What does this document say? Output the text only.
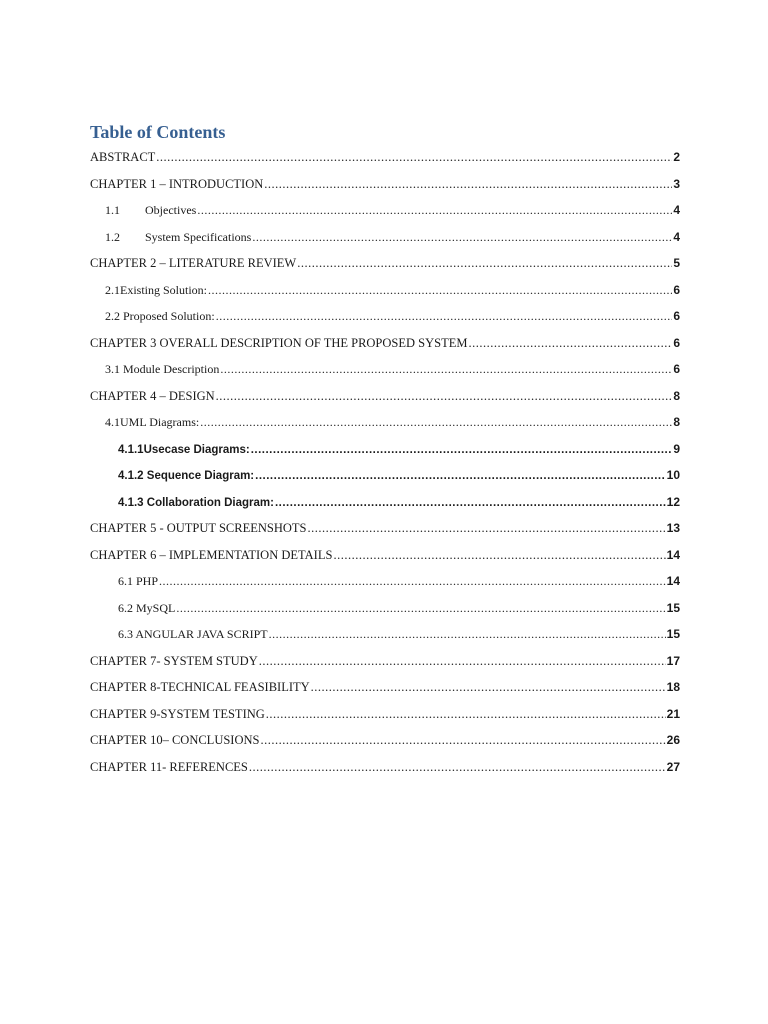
Table of Contents
ABSTRACT .....	2
CHAPTER 1 – INTRODUCTION .....	3
1.1	Objectives .....	4
1.2	System Specifications .....	4
CHAPTER 2 – LITERATURE REVIEW .....	5
2.1Existing Solution: .....	6
2.2 Proposed Solution: .....	6
CHAPTER 3 OVERALL DESCRIPTION OF THE PROPOSED SYSTEM .....	6
3.1 Module Description .....	6
CHAPTER 4 – DESIGN .....	8
4.1UML Diagrams: .....	8
4.1.1Usecase Diagrams: .....	9
4.1.2 Sequence Diagram: .....	10
4.1.3 Collaboration Diagram: .....	12
CHAPTER 5 - OUTPUT SCREENSHOTS .....	13
CHAPTER 6 – IMPLEMENTATION DETAILS .....	14
6.1 PHP .....	14
6.2 MySQL .....	15
6.3 ANGULAR JAVA SCRIPT .....	15
CHAPTER 7- SYSTEM STUDY .....	17
CHAPTER 8-TECHNICAL FEASIBILITY .....	18
CHAPTER 9-SYSTEM TESTING .....	21
CHAPTER 10– CONCLUSIONS .....	26
CHAPTER 11- REFERENCES .....	27
